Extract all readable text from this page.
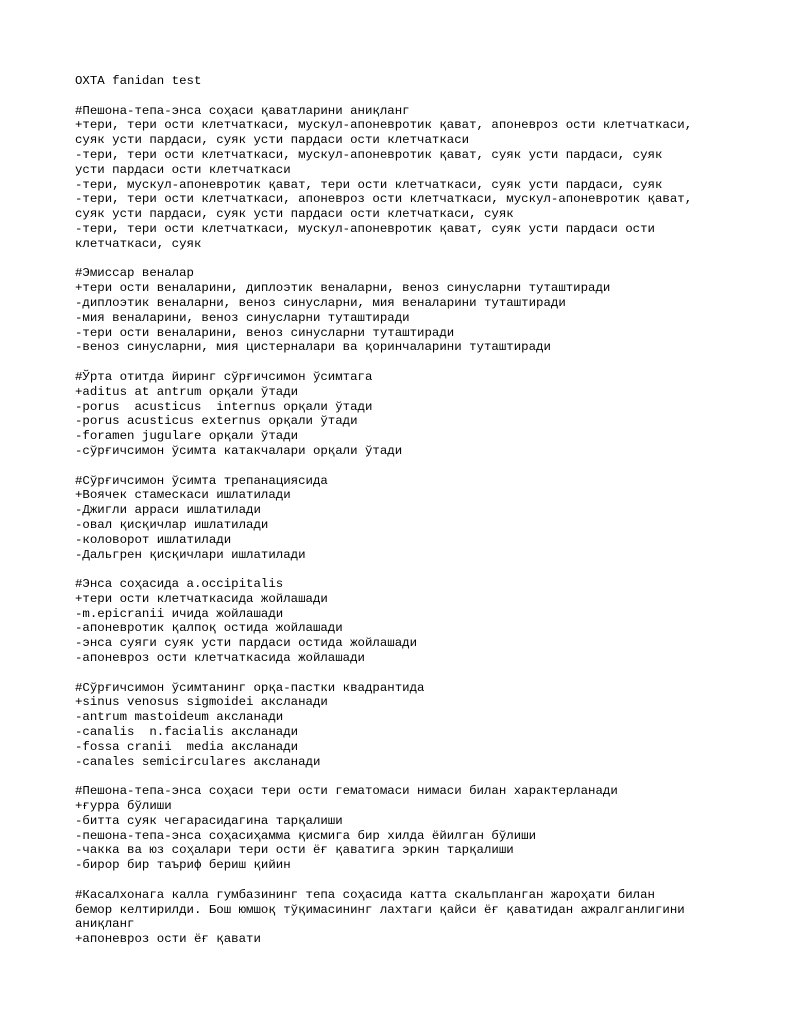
OXTA fanidan test
#Пешона-тепа-энса соҳаси қаватларини аниқланг
+тери, тери ости клетчаткаси, мускул-апоневротик қават, апоневроз ости клетчаткаси,
суяк усти пардаси, суяк усти пардаси ости клетчаткаси
-тери, тери ости клетчаткаси, мускул-апоневротик қават, суяк усти пардаси, суяк
усти пардаси ости клетчаткаси
-тери, мускул-апоневротик қават, тери ости клетчаткаси, суяк усти пардаси, суяк
-тери, тери ости клетчаткаси, апоневроз ости клетчаткаси, мускул-апоневротик қават,
суяк усти пардаси, суяк усти пардаси ости клетчаткаси, суяк
-тери, тери ости клетчаткаси, мускул-апоневротик қават, суяк усти пардаси ости
клетчаткаси, суяк
#Эмиссар веналар
+тери ости веналарини, диплоэтик веналарни, веноз синусларни туташтиради
-диплоэтик веналарни, веноз синусларни, мия веналарини туташтиради
-мия веналарини, веноз синусларни туташтиради
-тери ости веналарини, веноз синусларни туташтиради
-веноз синусларни, мия цистерналари ва қоринчаларини туташтиради
#Ўрта отитда йиринг сўрғичсимон ўсимтага
+aditus at antrum орқали ўтади
-porus  acusticus  internus орқали ўтади
-porus acusticus externus орқали ўтади
-foramen jugulare орқали ўтади
-сўрғичсимон ўсимта катакчалари орқали ўтади
#Сўрғичсимон ўсимта трепанациясида
+Воячек стамескаси ишлатилади
-Джигли арраси ишлатилади
-овал қисқичлар ишлатилади
-коловорот ишлатилади
-Дальгрен қисқичлари ишлатилади
#Энса соҳасида a.occipitalis
+тери ости клетчаткасида жойлашади
-m.epicranii ичида жойлашади
-апоневротик қалпоқ остида жойлашади
-энса суяги суяк усти пардаси остида жойлашади
-апоневроз ости клетчаткасида жойлашади
#Сўрғичсимон ўсимтанинг орқа-пастки квадрантида
+sinus venosus sigmoidei аксланади
-antrum mastoideum аксланади
-canalis  n.facialis аксланади
-fossa cranii  media аксланади
-canales semicirculares аксланади
#Пешона-тепа-энса соҳаси тери ости гематомаси нимаси билан характерланади
+ғурра бўлиши
-битта суяк чегарасидагина тарқалиши
-пешона-тепа-энса соҳасиҳамма қисмига бир хилда ёйилган бўлиши
-чакка ва юз соҳалари тери ости ёғ қаватига эркин тарқалиши
-бирор бир таъриф бериш қийин
#Касалхонага калла гумбазининг тепа соҳасида катта скальпланган жароҳати билан
бемор келтирилди. Бош юмшоқ тўқимасининг лахтаги қайси ёғ қаватидан ажралганлигини
аниқланг
+апоневроз ости ёғ қавати
